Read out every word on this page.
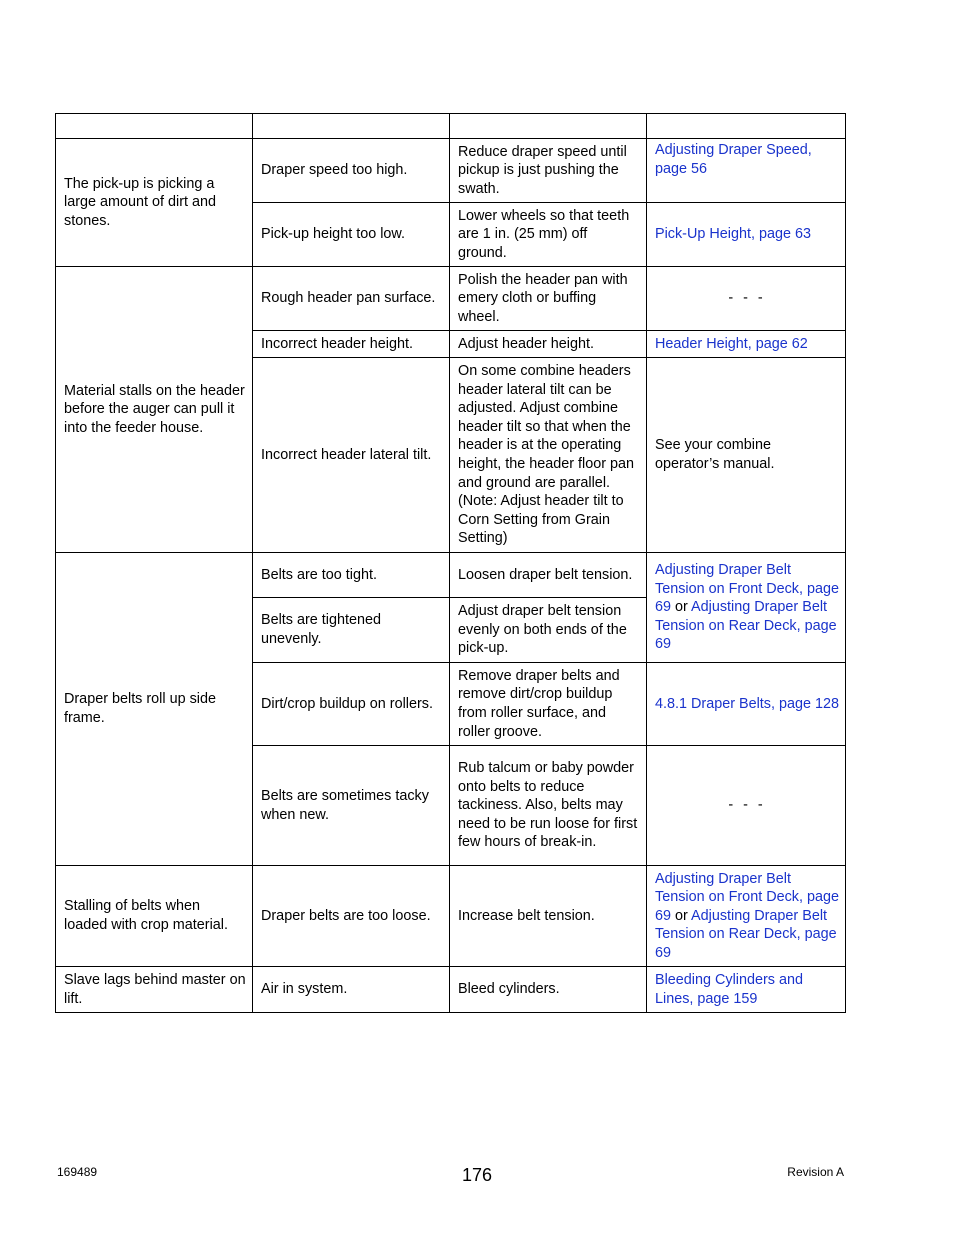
The pick-up is picking a large amount of dirt and stones.	Draper speed too high.	Reduce draper speed until pickup is just pushing the swath.	Adjusting Draper Speed, page 56
	Pick-up height too low.	Lower wheels so that teeth are 1 in. (25 mm) off ground.	Pick-Up Height, page 63
Material stalls on the header before the auger can pull it into the feeder house.	Rough header pan surface.	Polish the header pan with emery cloth or buffing wheel.	- - -
	Incorrect header height.	Adjust header height.	Header Height, page 62
	Incorrect header lateral tilt.	On some combine headers header lateral tilt can be adjusted. Adjust combine header tilt so that when the header is at the operating height, the header floor pan and ground are parallel. (Note: Adjust header tilt to Corn Setting from Grain Setting)	See your combine operator’s manual.
Draper belts roll up side frame.	Belts are too tight.	Loosen draper belt tension.	Adjusting Draper Belt Tension on Front Deck, page 69 or Adjusting Draper Belt Tension on Rear Deck, page 69
	Belts are tightened unevenly.	Adjust draper belt tension evenly on both ends of the pick-up.	
	Dirt/crop buildup on rollers.	Remove draper belts and remove dirt/crop buildup from roller surface, and roller groove.	4.8.1 Draper Belts, page 128
	Belts are sometimes tacky when new.	Rub talcum or baby powder onto belts to reduce tackiness. Also, belts may need to be run loose for first few hours of break-in.	- - -
Stalling of belts when loaded with crop material.	Draper belts are too loose.	Increase belt tension.	Adjusting Draper Belt Tension on Front Deck, page 69 or Adjusting Draper Belt Tension on Rear Deck, page 69
Slave lags behind master on lift.	Air in system.	Bleed cylinders.	Bleeding Cylinders and Lines, page 159
169489	176	Revision A
